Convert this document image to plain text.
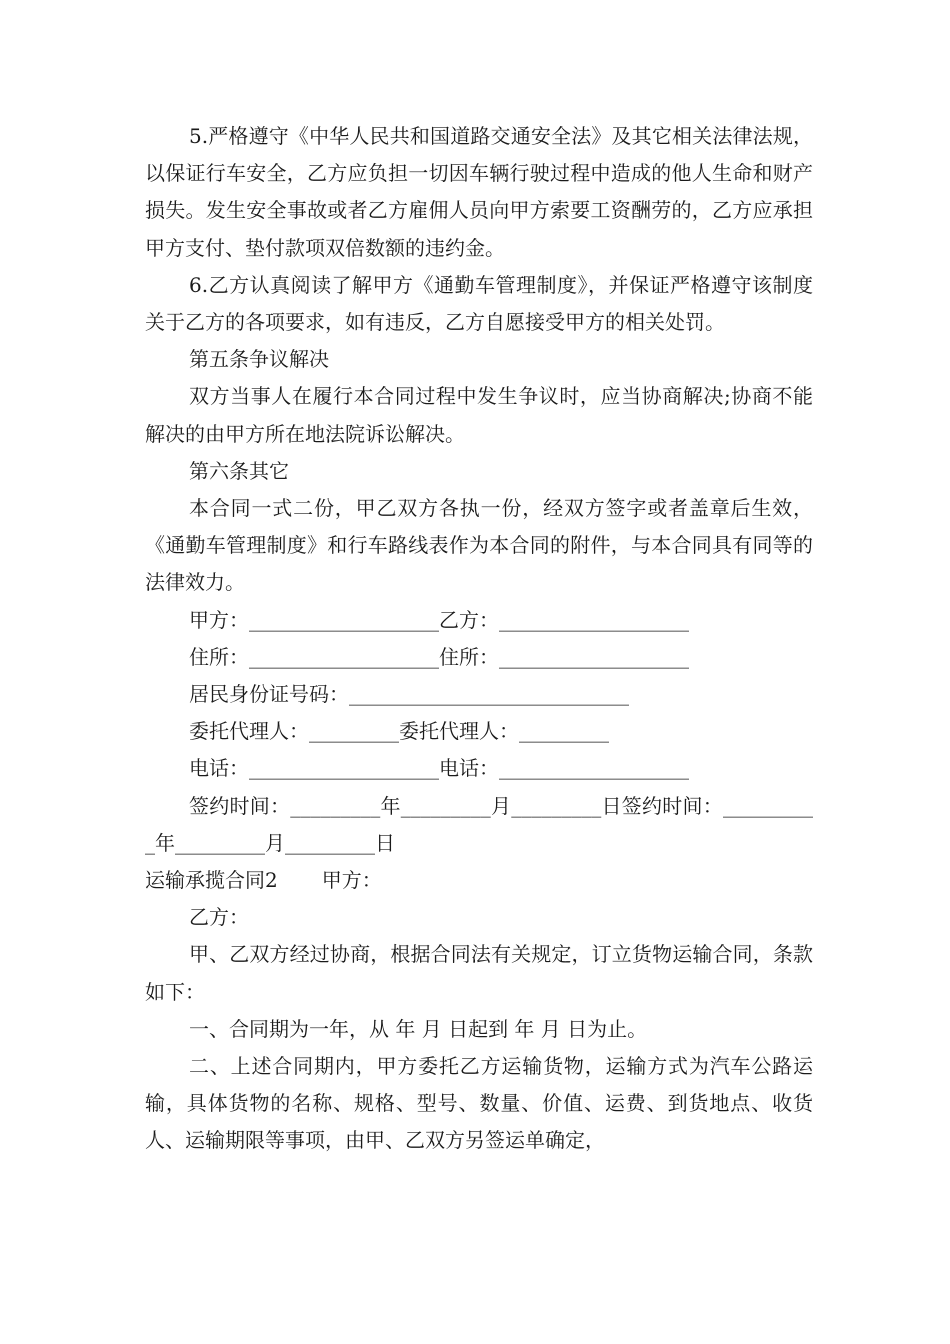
5.严格遵守《中华人民共和国道路交通安全法》及其它相关法律法规，以保证行车安全，乙方应负担一切因车辆行驶过程中造成的他人生命和财产损失。发生安全事故或者乙方雇佣人员向甲方索要工资酬劳的，乙方应承担甲方支付、垫付款项双倍数额的违约金。

6.乙方认真阅读了解甲方《通勤车管理制度》，并保证严格遵守该制度关于乙方的各项要求，如有违反，乙方自愿接受甲方的相关处罚。

第五条争议解决

双方当事人在履行本合同过程中发生争议时，应当协商解决;协商不能解决的由甲方所在地法院诉讼解决。

第六条其它

本合同一式二份，甲乙双方各执一份，经双方签字或者盖章后生效，《通勤车管理制度》和行车路线表作为本合同的附件，与本合同具有同等的法律效力。

甲方：___________________乙方：___________________

住所：___________________住所：___________________

居民身份证号码：____________________________

委托代理人：_________委托代理人：_________

电话：___________________电话：___________________

签约时间：_________年_________月_________日签约时间：__________年_________月_________日

运输承揽合同2 甲方：

乙方：

甲、乙双方经过协商，根据合同法有关规定，订立货物运输合同，条款如下：

一、合同期为一年，从 年 月 日起到 年 月 日为止。

二、上述合同期内，甲方委托乙方运输货物，运输方式为汽车公路运输，具体货物的名称、规格、型号、数量、价值、运费、到货地点、收货人、运输期限等事项，由甲、乙双方另签运单确定，
